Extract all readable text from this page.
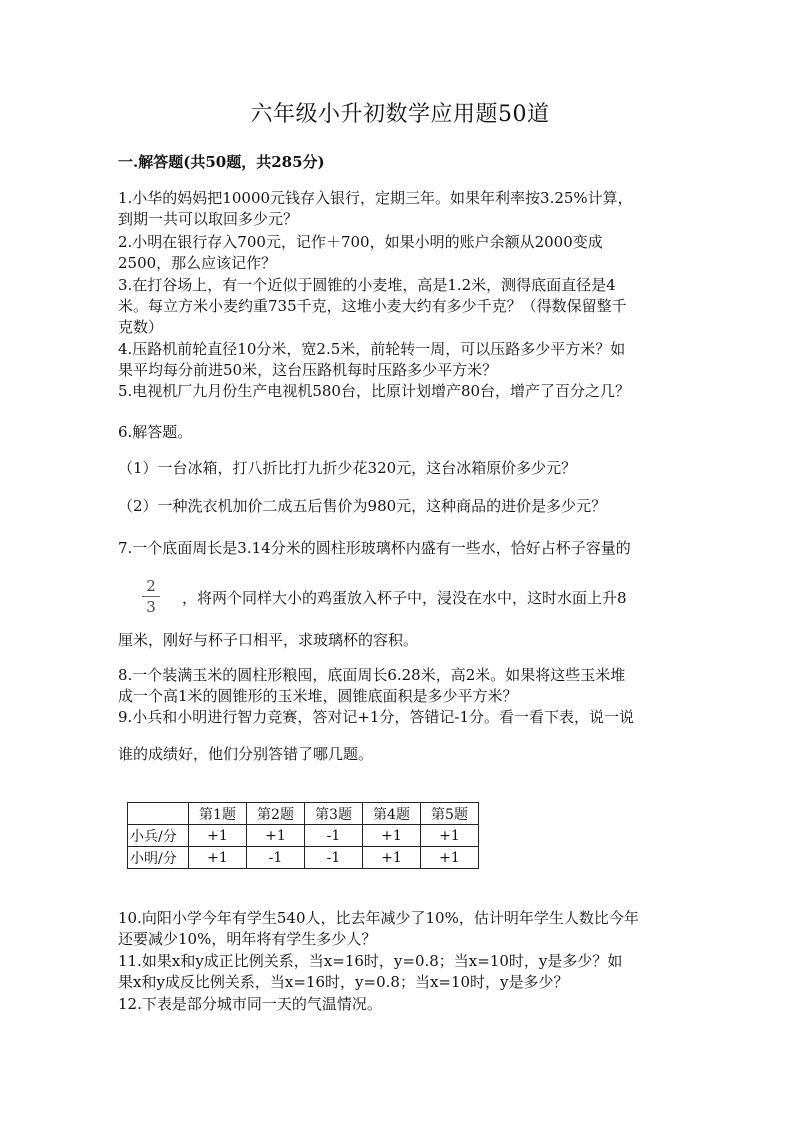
六年级小升初数学应用题50道
一.解答题(共50题，共285分)
1.小华的妈妈把10000元钱存入银行，定期三年。如果年利率按3.25%计算，
到期一共可以取回多少元？
2.小明在银行存入700元，记作＋700，如果小明的账户余额从2000变成
2500，那么应该记作？
3.在打谷场上，有一个近似于圆锥的小麦堆，高是1.2米，测得底面直径是4
米。每立方米小麦约重735千克，这堆小麦大约有多少千克？（得数保留整千
克数）
4.压路机前轮直径10分米，宽2.5米，前轮转一周，可以压路多少平方米？如
果平均每分前进50米，这台压路机每时压路多少平方米？
5.电视机厂九月份生产电视机580台，比原计划增产80台，增产了百分之几？
6.解答题。
（1）一台冰箱，打八折比打九折少花320元，这台冰箱原价多少元？
（2）一种洗衣机加价二成五后售价为980元，这种商品的进价是多少元？
7.一个底面周长是3.14分米的圆柱形玻璃杯内盛有一些水，恰好占杯子容量的
$\frac{2}{3}$ ，将两个同样大小的鸡蛋放入杯子中，浸没在水中，这时水面上升8
厘米，刚好与杯子口相平，求玻璃杯的容积。
8.一个装满玉米的圆柱形粮囤，底面周长6.28米，高2米。如果将这些玉米堆
成一个高1米的圆锥形的玉米堆，圆锥底面积是多少平方米？
9.小兵和小明进行智力竞赛，答对记+1分，答错记-1分。看一看下表，说一说
谁的成绩好，他们分别答错了哪几题。
	第1题	第2题	第3题	第4题	第5题
小兵/分	+1	+1	-1	+1	+1
小明/分	+1	-1	-1	+1	+1
10.向阳小学今年有学生540人，比去年减少了10%，估计明年学生人数比今年
还要减少10%，明年将有学生多少人？
11.如果x和y成正比例关系，当x=16时，y=0.8；当x=10时，y是多少？如
果x和y成反比例关系，当x=16时，y=0.8；当x=10时，y是多少？
12.下表是部分城市同一天的气温情况。
